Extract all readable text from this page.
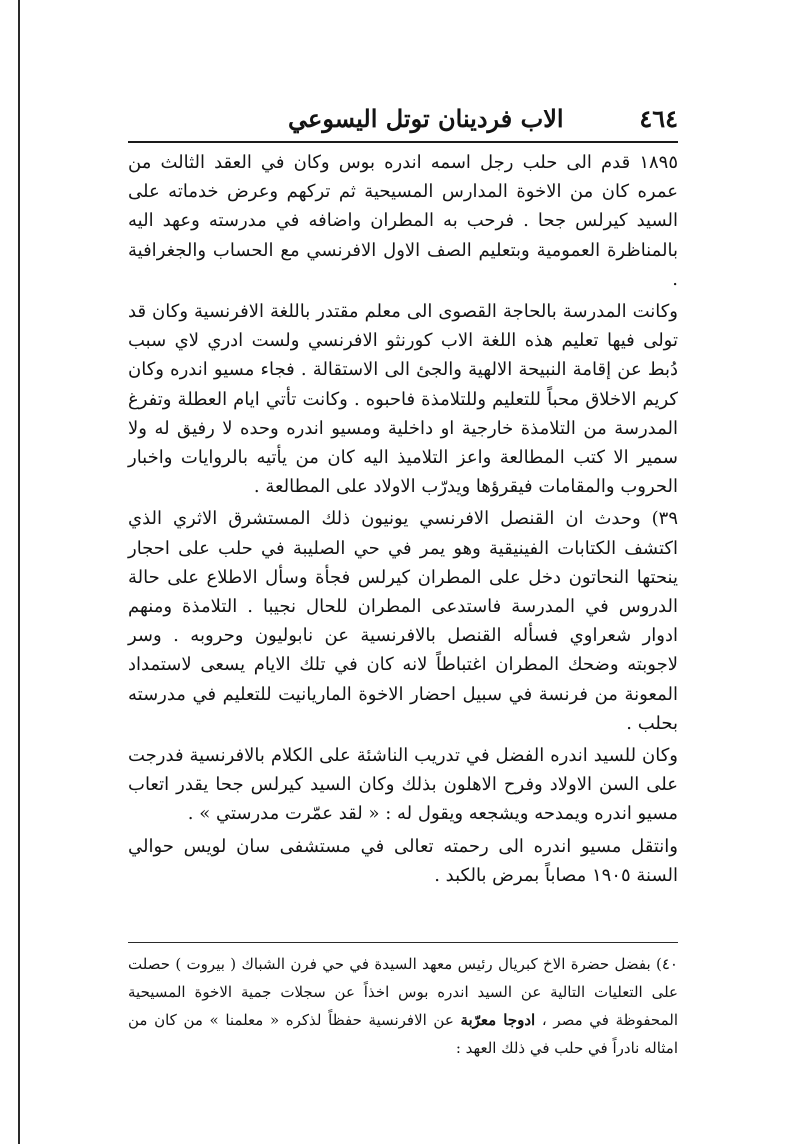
٤٦٤
الاب فردينان توتل اليسوعي

١٨٩٥ قدم الى حلب رجل اسمه اندره بوس وكان في العقد الثالث من عمره كان من الاخوة المدارس المسيحية ثم تركهم وعرض خدماته على السيد كيرلس جحا . فرحب به المطران واضافه في مدرسته وعهد اليه بالمناظرة العمومية وبتعليم الصف الاول الافرنسي مع الحساب والجغرافية .

وكانت المدرسة بالحاجة القصوى الى معلم مقتدر باللغة الافرنسية وكان قد تولى فيها تعليم هذه اللغة الاب كورنثو الافرنسي ولست ادري لاي سبب دُبط عن إقامة النبيحة الالهية والجئ الى الاستقالة . فجاء مسيو اندره وكان كريم الاخلاق محباً للتعليم وللتلامذة فاحبوه . وكانت تأتي ايام العطلة وتفرغ المدرسة من التلامذة خارجية او داخلية ومسيو اندره وحده لا رفيق له ولا سمير الا كتب المطالعة واعز التلاميذ اليه كان من يأتيه بالروايات واخبار الحروب والمقامات فيقرؤها ويدرّب الاولاد على المطالعة .

٣٩) وحدث ان القنصل الافرنسي يونيون ذلك المستشرق الاثري الذي اكتشف الكتابات الفينيقية وهو يمر في حي الصليبة في حلب على احجار ينحتها النحاتون دخل على المطران كيرلس فجأة وسأل الاطلاع على حالة الدروس في المدرسة فاستدعى المطران للحال نجيبا . التلامذة ومنهم ادوار شعراوي فسأله القنصل بالافرنسية عن نابوليون وحروبه . وسر لاجوبته وضحك المطران اغتباطاً لانه كان في تلك الايام يسعى لاستمداد المعونة من فرنسة في سبيل احضار الاخوة الماريانيت للتعليم في مدرسته بحلب .

وكان للسيد اندره الفضل في تدريب الناشئة على الكلام بالافرنسية فدرجت على السن الاولاد وفرح الاهلون بذلك وكان السيد كيرلس جحا يقدر اتعاب مسيو اندره ويمدحه ويشجعه ويقول له : « لقد عمّرت مدرستي » .

وانتقل مسيو اندره الى رحمته تعالى في مستشفى سان لويس حوالي السنة ١٩٠٥ مصاباً بمرض بالكبد .

٤٠) بفضل حضرة الاخ كبريال رئيس معهد السيدة في حي فرن الشباك ( بيروت ) حصلت على التعليات التالية عن السيد اندره بوس اخذاً عن سجلات جمية الاخوة المسيحية المحفوظة في مصر ، ادوجا معرّبة عن الافرنسية حفظاً لذكره « معلمنا » من كان من امثاله نادراً في حلب في ذلك العهد :
